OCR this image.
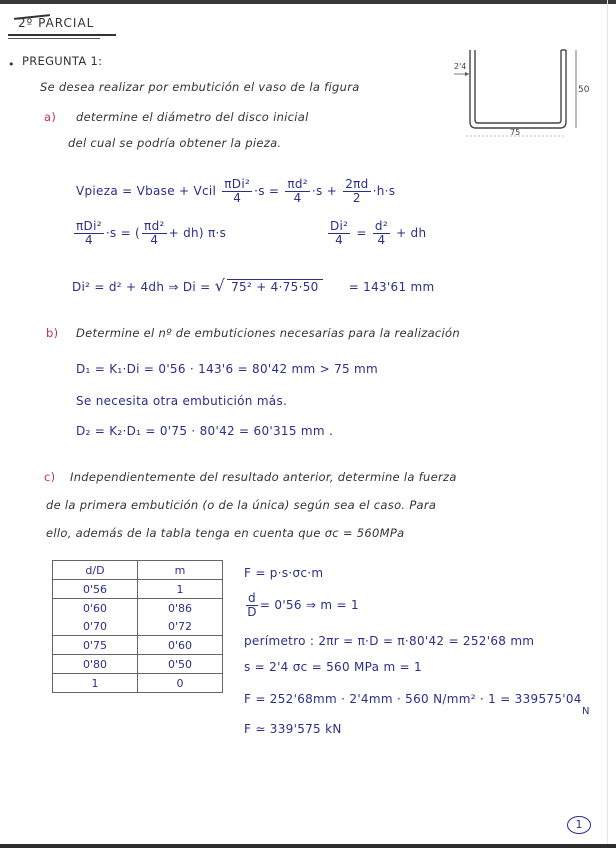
2º PARCIAL
• PREGUNTA 1:
Se desea realizar por embutición el vaso de la figura
2'4
50
75
a) determine el diámetro del disco inicial
del cual se podría obtener la pieza.
Vpieza = Vbase + Vcil $\frac{\text{πDi²}}{4} \cdot s = \frac{\text{πd²}}{4} \cdot s + \frac{2\pi d}{2} \cdot h\cdot s$
$\frac{\text{πDi²}}{4} \cdot s$ = ( $\frac{\text{πd²}}{4} + dh$) π·s	$\frac{\text{Di²}}{4} = \frac{\text{d²}}{4}$ + dh
Di² = d² + 4dh ⇒ Di = √ 75² + 4·75·50	= 143'61 mm
b) Determine el nº de embuticiones necesarias para la realización
D₁ = K₁·Di = 0'56 · 143'6 = 80'42 mm > 75 mm
Se necesita otra embutición más.
D₂ = K₂·D₁ = 0'75 · 80'42 = 60'315 mm .
c) Independientemente del resultado anterior, determine la fuerza
de la primera embutición (o de la única) según sea el caso. Para
ello, además de la tabla tenga en cuenta que σc = 560MPa
d/D	m
0'56	1
0'60	0'86
0'70	0'72
0'75	0'60
0'80	0'50
1	0
F = p·s·σc·m
$\frac{d}{D} = 0'56$ ⇒ m = 1
perímetro : 2πr = π·D = π·80'42 = 252'68 mm
s = 2'4 σc = 560 MPa m = 1
F = 252'68mm · 2'4mm · 560 N/mm² · 1 = 339575'04
N
F ≃ 339'575 kN
1
